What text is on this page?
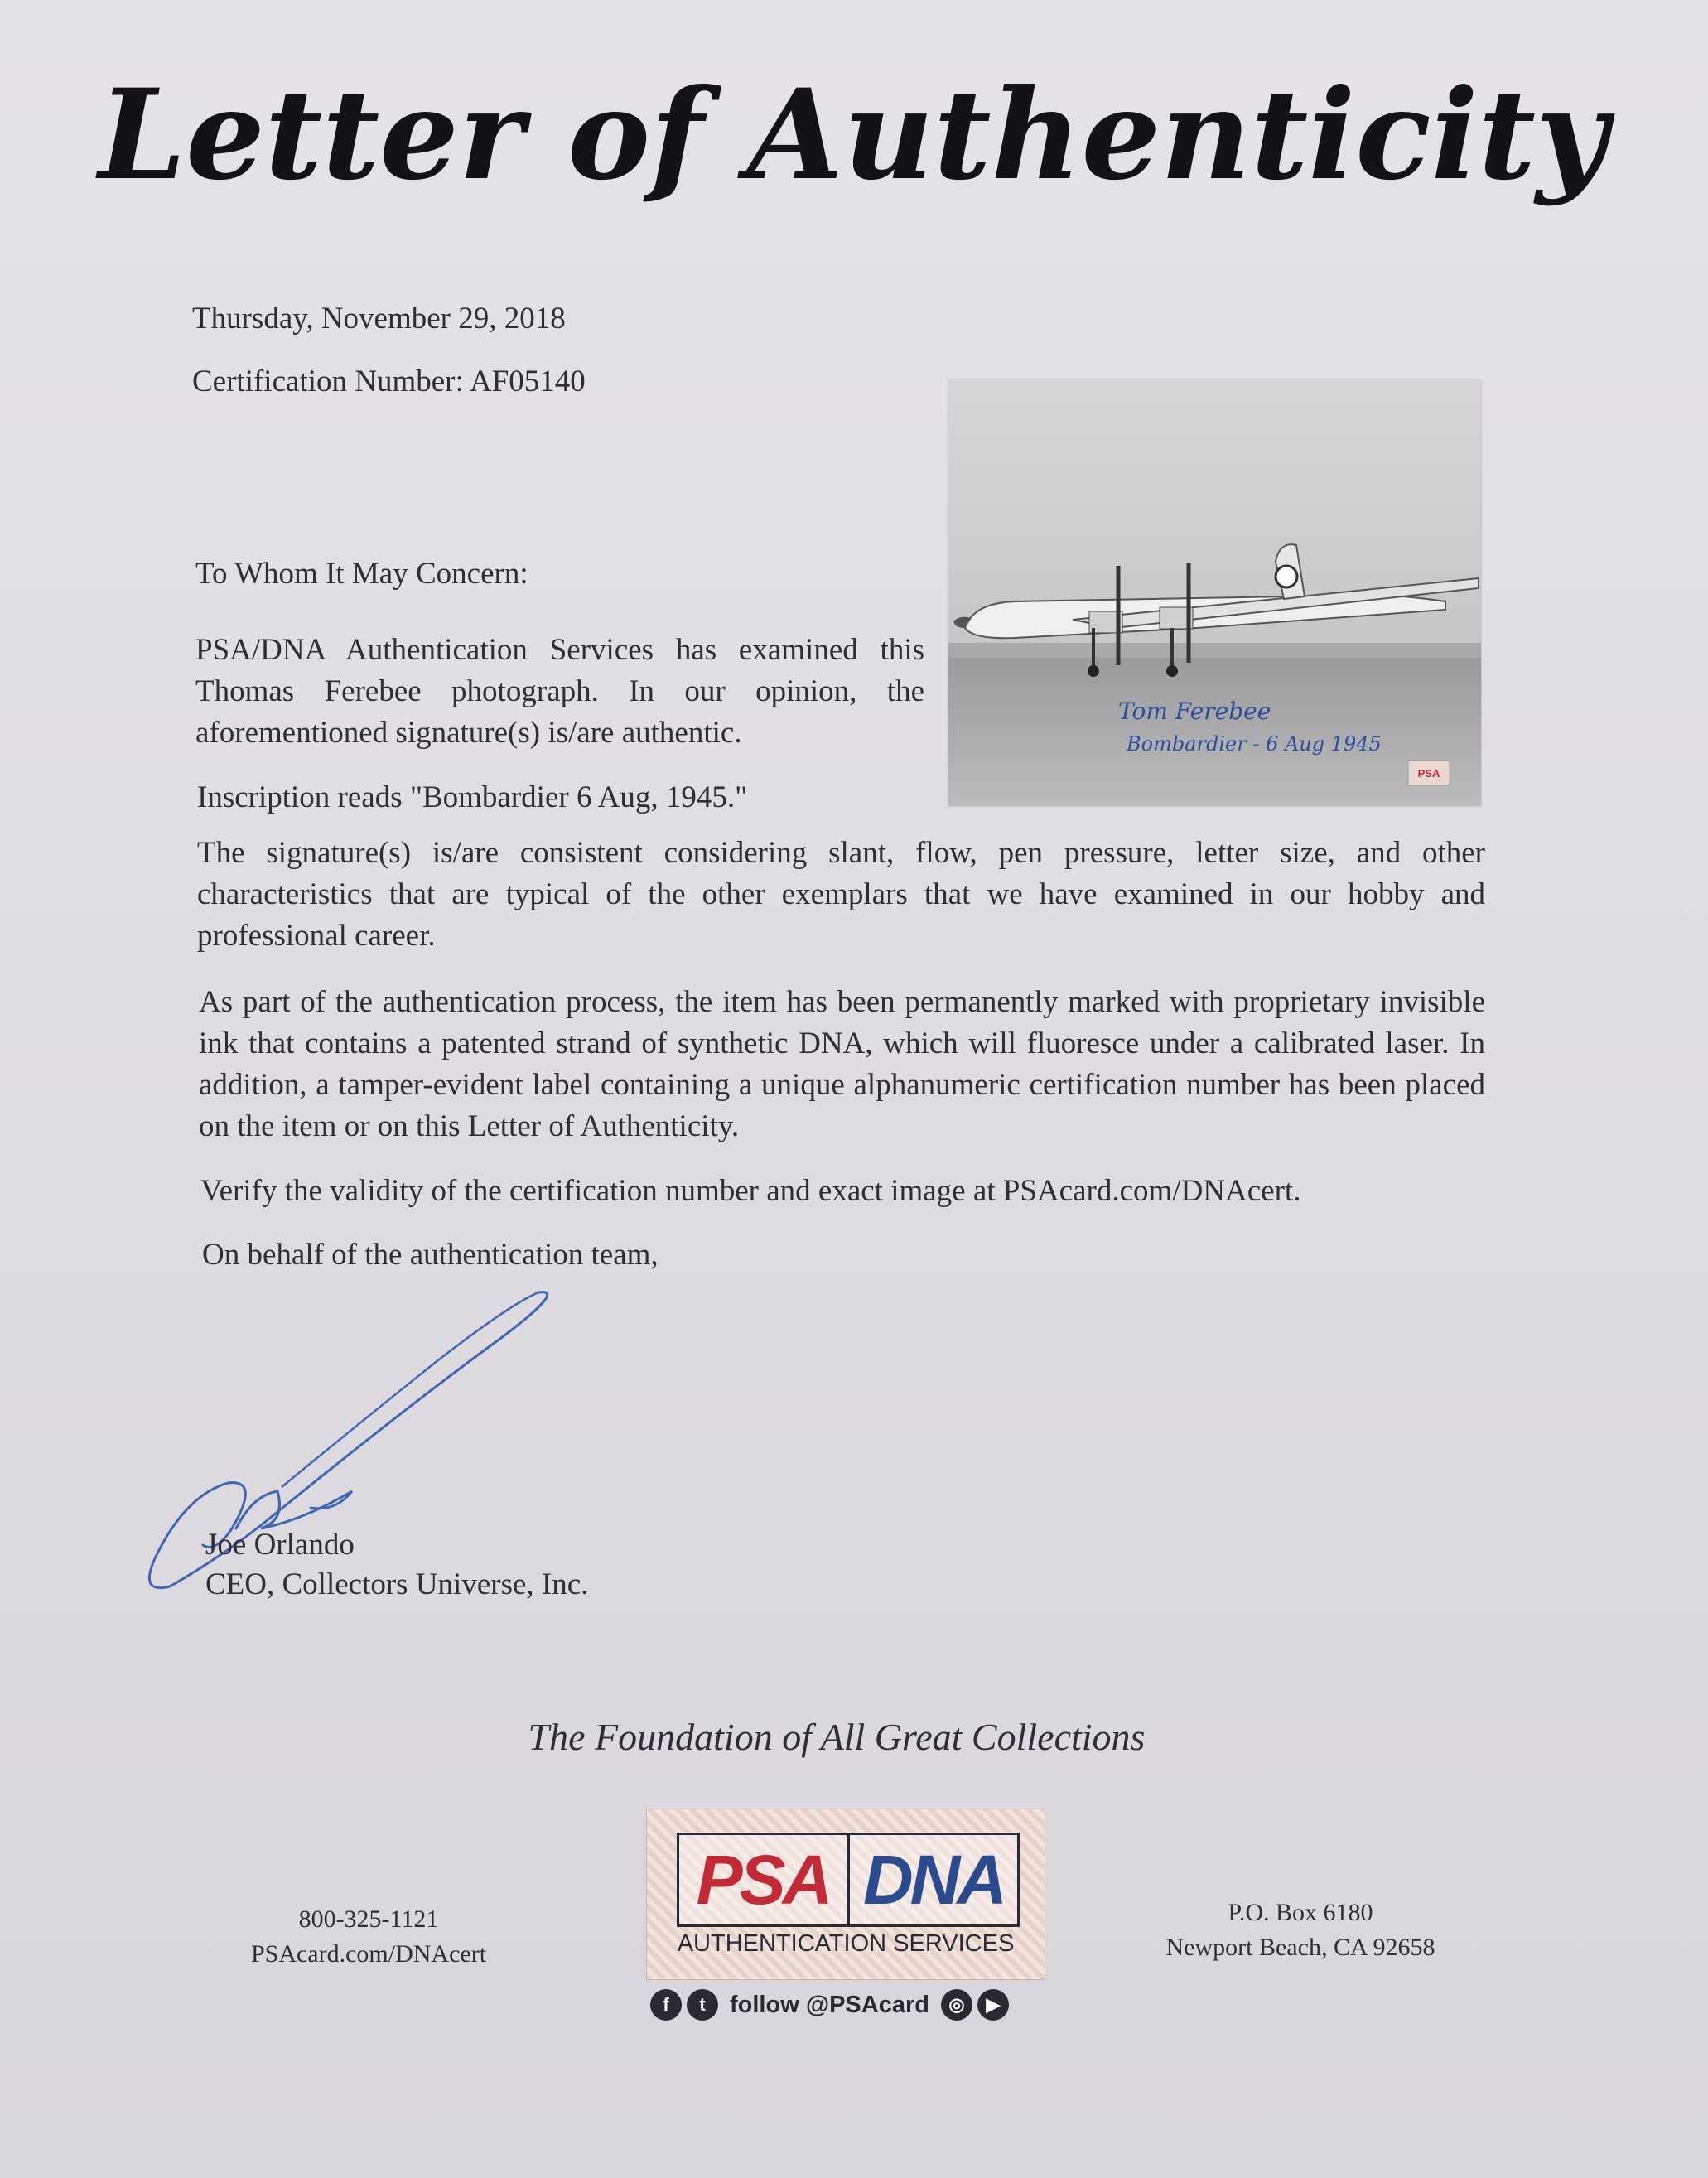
Letter of Authenticity
Thursday, November 29, 2018
Certification Number: AF05140
Tom Ferebee
Bombardier - 6 Aug 1945
PSA
To Whom It May Concern:
PSA/DNA Authentication Services has examined this Thomas Ferebee photograph. In our opinion, the aforementioned signature(s) is/are authentic.
Inscription reads "Bombardier 6 Aug, 1945."
The signature(s) is/are consistent considering slant, flow, pen pressure, letter size, and other characteristics that are typical of the other exemplars that we have examined in our hobby and professional career.
As part of the authentication process, the item has been permanently marked with proprietary invisible ink that contains a patented strand of synthetic DNA, which will fluoresce under a calibrated laser. In addition, a tamper-evident label containing a unique alphanumeric certification number has been placed on the item or on this Letter of Authenticity.
Verify the validity of the certification number and exact image at PSAcard.com/DNAcert.
On behalf of the authentication team,
Joe Orlando
CEO, Collectors Universe, Inc.
The Foundation of All Great Collections
800-325-1121
PSAcard.com/DNAcert
PSA DNA
AUTHENTICATION SERVICES
f	t	follow @PSAcard	◎	▶
P.O. Box 6180
Newport Beach, CA 92658
